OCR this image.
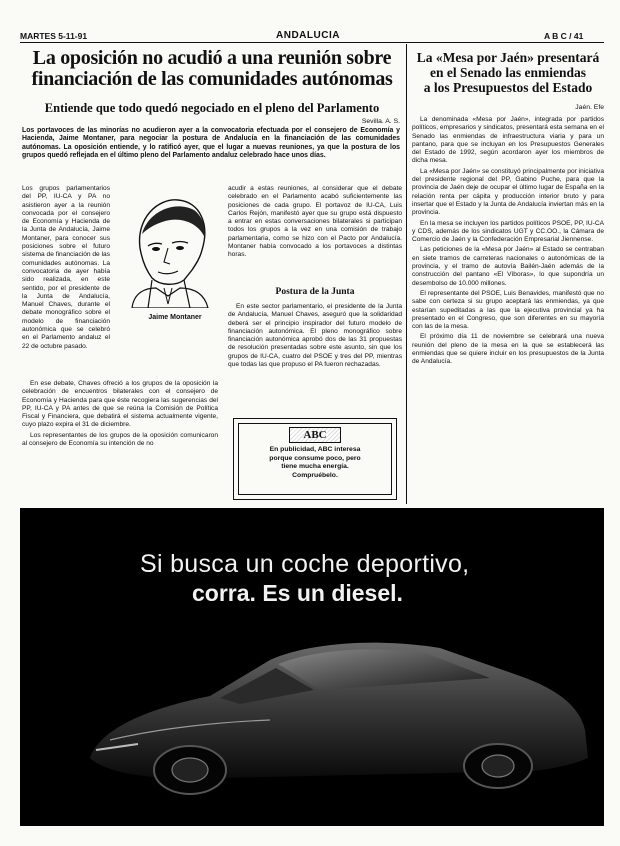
MARTES 5-11-91	ANDALUCIA	A B C / 41
La oposición no acudió a una reunión sobre
financiación de las comunidades autónomas
Entiende que todo quedó negociado en el pleno del Parlamento
Sevilla. A. S.
Los portavoces de las minorías no acudieron ayer a la convocatoria efectuada por el consejero de Economía y Hacienda, Jaime Montaner, para negociar la postura de Andalucía en la financiación de las comunidades autónomas. La oposición entiende, y lo ratificó ayer, que el lugar a nuevas reuniones, ya que la postura de los grupos quedó reflejada en el último pleno del Parlamento andaluz celebrado hace unos días.

Los grupos parlamentarios del PP, IU-CA y PA no asistieron ayer a la reunión convocada por el consejero de Economía y Hacienda de la Junta de Andalucía, Jaime Montaner, para conocer sus posiciones sobre el futuro sistema de financiación de las comunidades autónomas. La convocatoria de ayer había sido realizada, en este sentido, por el presidente de la Junta de Andalucía, Manuel Chaves, durante el debate monográfico sobre el modelo de financiación autonómica que se celebró en el Parlamento andaluz el 22 de octubre pasado.

Jaime Montaner

En ese debate, Chaves ofreció a los grupos de la oposición la celebración de encuentros bilaterales con el consejero de Economía y Hacienda para que éste recogiera las sugerencias del PP, IU-CA y PA antes de que se reúna la Comisión de Política Fiscal y Financiera, que debatirá el sistema actualmente vigente, cuyo plazo expira el 31 de diciembre.

Los representantes de los grupos de la oposición comunicaron al consejero de Economía su intención de no

acudir a estas reuniones, al considerar que el debate celebrado en el Parlamento acabó suficientemente las posiciones de cada grupo. El portavoz de IU-CA, Luis Carlos Rejón, manifestó ayer que su grupo está dispuesto a entrar en estas conversaciones bilaterales si participan todos los grupos a la vez en una comisión de trabajo parlamentaria, como se hizo con el Pacto por Andalucía. Montaner había convocado a los portavoces a distintas horas.

Postura de la Junta

En este sector parlamentario, el presidente de la Junta de Andalucía, Manuel Chaves, aseguró que la solidaridad deberá ser el principio inspirador del futuro modelo de financiación autonómica. El pleno monográfico sobre financiación autonómica aprobó dos de las 31 propuestas de resolución presentadas sobre este asunto, sin que los grupos de IU-CA, cuatro del PSOE y tres del PP, mientras que todas las que propuso el PA fueron rechazadas.

ABC
En publicidad, ABC interesa
porque consume poco, pero
tiene mucha energía.
Compruébelo.
La «Mesa por Jaén» presentará
en el Senado las enmiendas
a los Presupuestos del Estado
Jaén. Efe

La denominada «Mesa por Jaén», integrada por partidos políticos, empresarios y sindicatos, presentará esta semana en el Senado las enmiendas de infraestructura viaria y para un pantano, para que se incluyan en los Presupuestos Generales del Estado de 1992, según acordaron ayer los miembros de dicha mesa.

La «Mesa por Jaén» se constituyó principalmente por iniciativa del presidente regional del PP, Gabino Puche, para que la provincia de Jaén deje de ocupar el último lugar de España en la relación renta per cápita y producción interior bruto y para insertar que el Estado y la Junta de Andalucía inviertan más en la provincia.

En la mesa se incluyen los partidos políticos PSOE, PP, IU-CA y CDS, además de los sindicatos UGT y CC.OO., la Cámara de Comercio de Jaén y la Confederación Empresarial Jiennense.

Las peticiones de la «Mesa por Jaén» al Estado se centraban en siete tramos de carreteras nacionales o autonómicas de la provincia, y el tramo de autovía Bailén-Jaén además de la construcción del pantano «El Víboras», lo que supondría un desembolso de 10.000 millones.

El representante del PSOE, Luis Benavides, manifestó que no sabe con certeza si su grupo aceptará las enmiendas, ya que estarían supeditadas a las que la ejecutiva provincial ya ha presentado en el Congreso, que son diferentes en su mayoría con las de la mesa.

El próximo día 11 de noviembre se celebrará una nueva reunión del pleno de la mesa en la que se establecerá las enmiendas que se quiere incluir en los presupuestos de la Junta de Andalucía.

Si busca un coche deportivo,
corra. Es un diesel.
